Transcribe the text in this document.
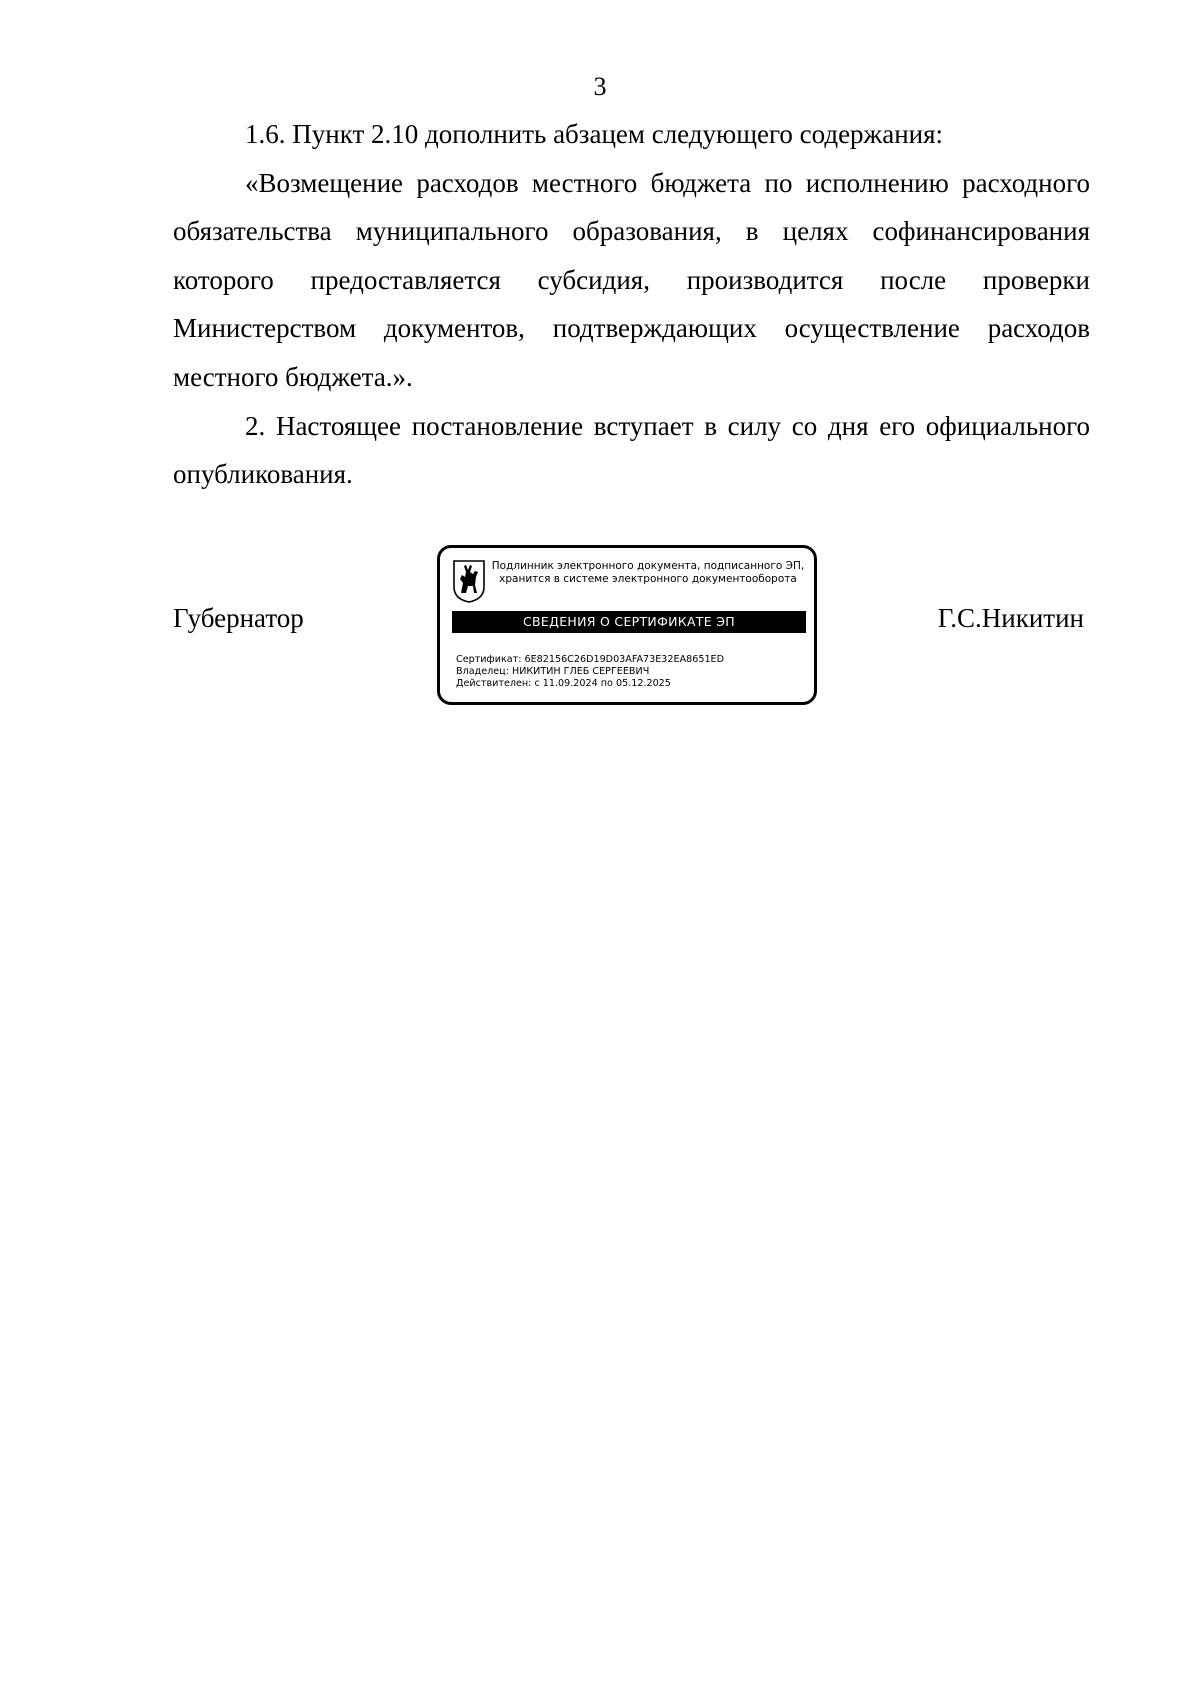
3

1.6. Пункт 2.10 дополнить абзацем следующего содержания:

«Возмещение расходов местного бюджета по исполнению расходного обязательства муниципального образования, в целях софинансирования которого предоставляется субсидия, производится после проверки Министерством документов, подтверждающих осуществление расходов местного бюджета.».

2. Настоящее постановление вступает в силу со дня его официального опубликования.

Губернатор
Подлинник электронного документа, подписанного ЭП,
хранится в системе электронного документооборота
СВЕДЕНИЯ О СЕРТИФИКАТЕ ЭП
Сертификат: 6E82156C26D19D03AFA73E32EA8651ED
Владелец: НИКИТИН ГЛЕБ СЕРГЕЕВИЧ
Действителен: с 11.09.2024 по 05.12.2025
Г.С.Никитин
